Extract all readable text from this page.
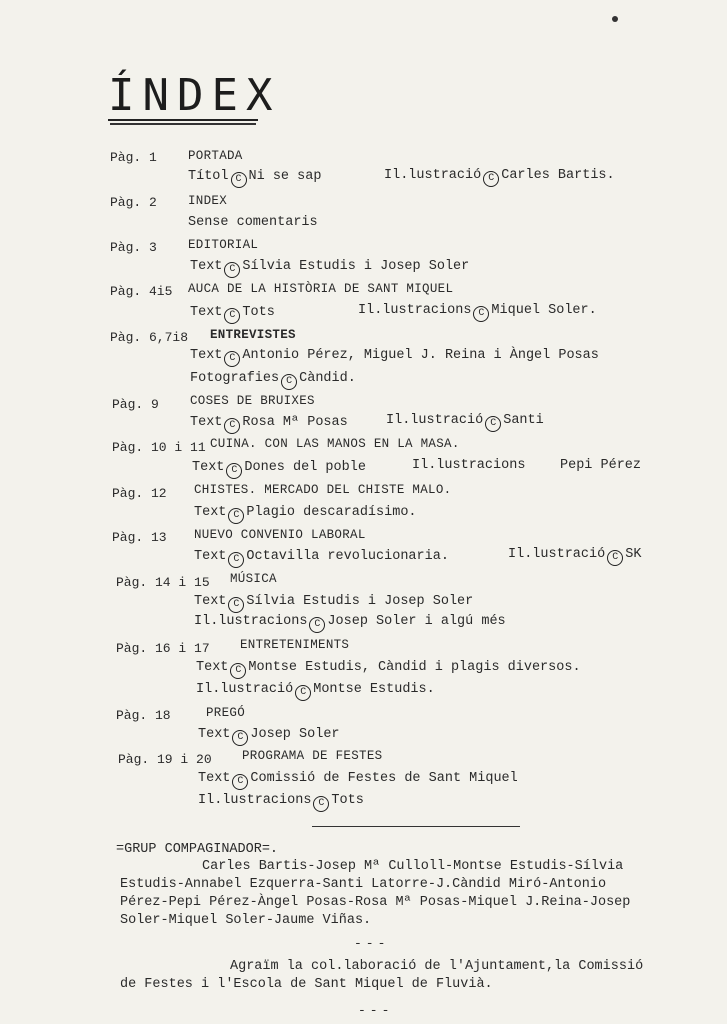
ÍNDEX
Pàg. 1 PORTADA
Títol C Ni se sap	Il.lustració C Carles Bartis.
Pàg. 2 INDEX
Sense comentaris
Pàg. 3 EDITORIAL
Text C Sílvia Estudis i Josep Soler
Pàg. 4i5 AUCA DE LA HISTÒRIA DE SANT MIQUEL
Text C Tots	Il.lustracions C Miquel Soler.
Pàg. 6,7i8 ENTREVISTES
Text C Antonio Pérez, Miguel J. Reina i Àngel Posas
Fotografies C Càndid.
Pàg. 9 COSES DE BRUIXES
Text C Rosa Mª Posas	Il.lustració C Santi
Pàg. 10 i 11 CUINA. CON LAS MANOS EN LA MASA.
Text C Dones del poble	Il.lustracions	Pepi Pérez
Pàg. 12 CHISTES. MERCADO DEL CHISTE MALO.
Text C Plagio descaradísimo.
Pàg. 13 NUEVO CONVENIO LABORAL
Text C Octavilla revolucionaria.	Il.lustració C SK
Pàg. 14 i 15 MÚSICA
Text C Sílvia Estudis i Josep Soler
Il.lustracions C Josep Soler i algú més
Pàg. 16 i 17 ENTRETENIMENTS
Text C Montse Estudis, Càndid i plagis diversos.
Il.lustració C Montse Estudis.
Pàg. 18	PREGÓ
Text C Josep Soler
Pàg. 19 i 20 PROGRAMA DE FESTES
Text C Comissió de Festes de Sant Miquel
Il.lustracions C Tots
=GRUP COMPAGINADOR=.
Carles Bartis-Josep Mª Culloll-Montse Estudis-Sílvia
Estudis-Annabel Ezquerra-Santi Latorre-J.Càndid Miró-Antonio
Pérez-Pepi Pérez-Àngel Posas-Rosa Mª Posas-Miquel J.Reina-Josep
Soler-Miquel Soler-Jaume Viñas.
---
Agraïm la col.laboració de l'Ajuntament,la Comissió
de Festes i l'Escola de Sant Miquel de Fluvià.
---
